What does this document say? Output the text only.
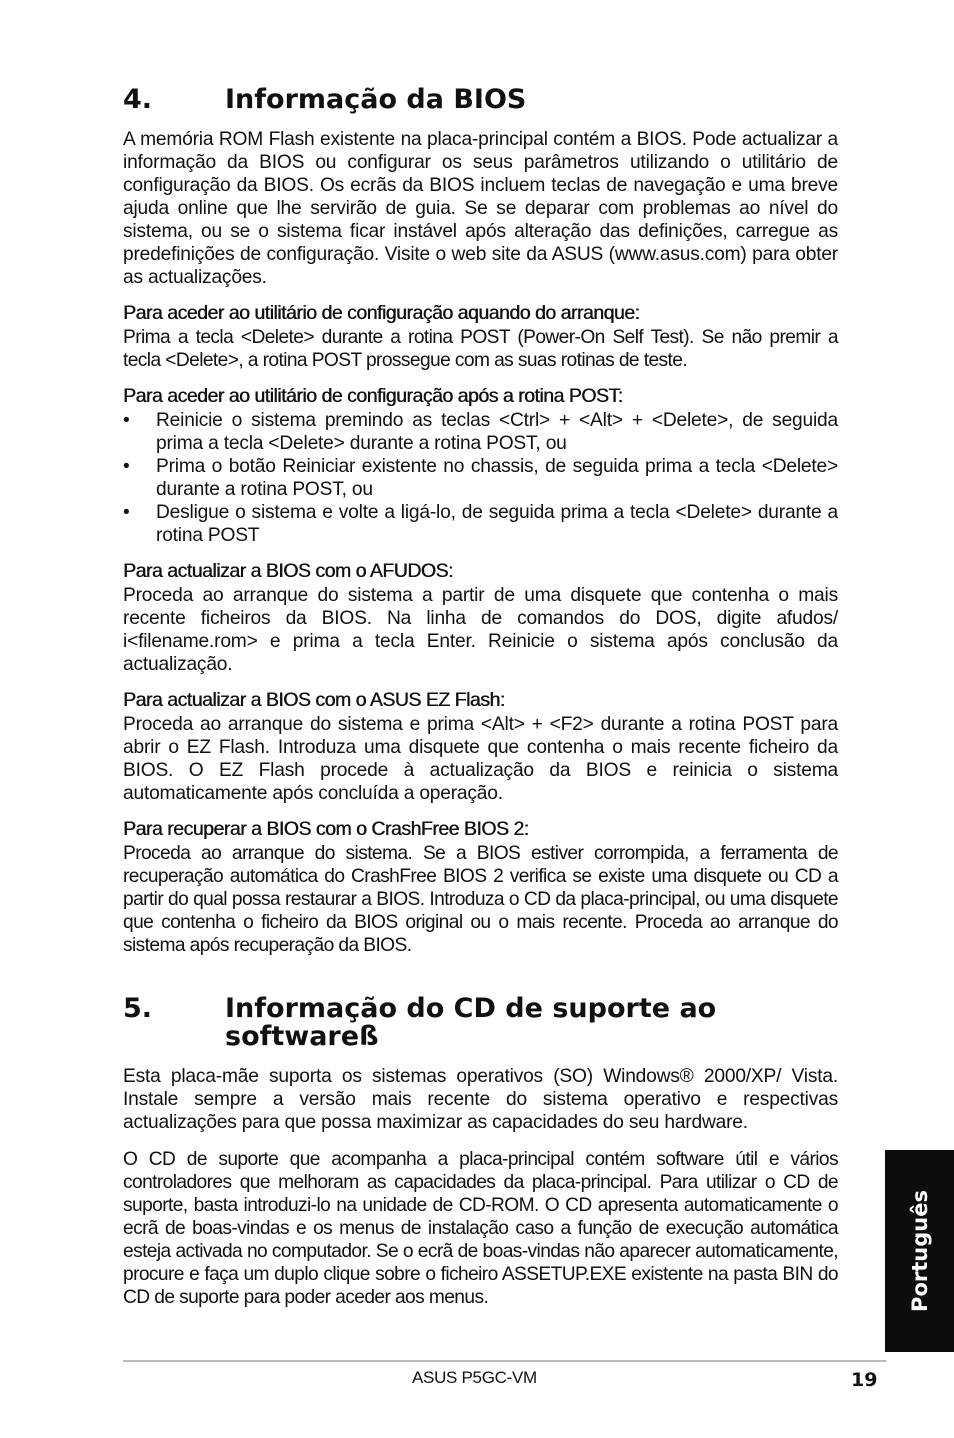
4.	Informação da BIOS

A memória ROM Flash existente na placa-principal contém a BIOS. Pode actualizar a informação da BIOS ou configurar os seus parâmetros utilizando o utilitário de configuração da BIOS. Os ecrãs da BIOS incluem teclas de navegação e uma breve ajuda online que lhe servirão de guia. Se se deparar com problemas ao nível do sistema, ou se o sistema ficar instável após alteração das definições, carregue as predefinições de configuração. Visite o web site da ASUS (www.asus.com) para obter as actualizações.

Para aceder ao utilitário de configuração aquando do arranque:

Prima a tecla <Delete> durante a rotina POST (Power-On Self Test). Se não premir a tecla <Delete>, a rotina POST prossegue com as suas rotinas de teste.

Para aceder ao utilitário de configuração após a rotina POST:
• Reinicie o sistema premindo as teclas <Ctrl> + <Alt> + <Delete>, de seguida prima a tecla <Delete> durante a rotina POST, ou
• Prima o botão Reiniciar existente no chassis, de seguida prima a tecla <Delete> durante a rotina POST, ou
• Desligue o sistema e volte a ligá-lo, de seguida prima a tecla <Delete> durante a rotina POST
Para actualizar a BIOS com o AFUDOS:

Proceda ao arranque do sistema a partir de uma disquete que contenha o mais recente ficheiros da BIOS. Na linha de comandos do DOS, digite afudos/ i<filename.rom> e prima a tecla Enter. Reinicie o sistema após conclusão da actualização.

Para actualizar a BIOS com o ASUS EZ Flash:

Proceda ao arranque do sistema e prima <Alt> + <F2> durante a rotina POST para abrir o EZ Flash. Introduza uma disquete que contenha o mais recente ficheiro da BIOS. O EZ Flash procede à actualização da BIOS e reinicia o sistema automaticamente após concluída a operação.

Para recuperar a BIOS com o CrashFree BIOS 2:

Proceda ao arranque do sistema. Se a BIOS estiver corrompida, a ferramenta de recuperação automática do CrashFree BIOS 2 verifica se existe uma disquete ou CD a partir do qual possa restaurar a BIOS. Introduza o CD da placa-principal, ou uma disquete que contenha o ficheiro da BIOS original ou o mais recente. Proceda ao arranque do sistema após recuperação da BIOS.

5.	Informação do CD de suporte ao softwareß

Esta placa-mãe suporta os sistemas operativos (SO) Windows® 2000/XP/ Vista. Instale sempre a versão mais recente do sistema operativo e respectivas actualizações para que possa maximizar as capacidades do seu hardware.

O CD de suporte que acompanha a placa-principal contém software útil e vários controladores que melhoram as capacidades da placa-principal. Para utilizar o CD de suporte, basta introduzi-lo na unidade de CD-ROM. O CD apresenta automaticamente o ecrã de boas-vindas e os menus de instalação caso a função de execução automática esteja activada no computador. Se o ecrã de boas-vindas não aparecer automaticamente, procure e faça um duplo clique sobre o ficheiro ASSETUP.EXE existente na pasta BIN do CD de suporte para poder aceder aos menus.	Português
ASUS P5GC-VM	19
